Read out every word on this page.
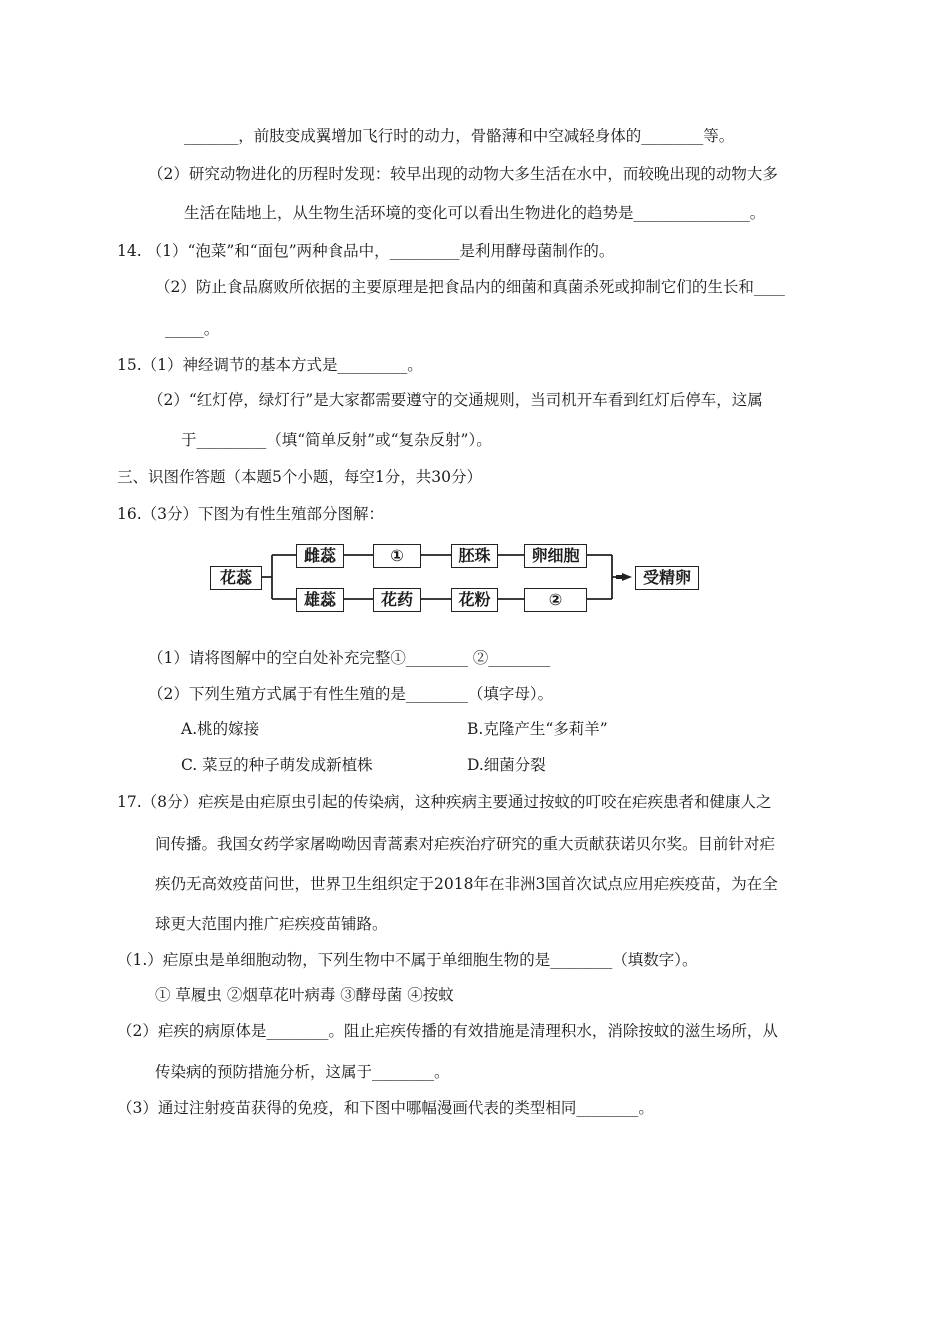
_______，前肢变成翼增加飞行时的动力，骨骼薄和中空减轻身体的________等。
（2）研究动物进化的历程时发现：较早出现的动物大多生活在水中，而较晚出现的动物大多
生活在陆地上，从生物生活环境的变化可以看出生物进化的趋势是_______________。
14. （1）“泡菜”和“面包”两种食品中，_________是利用酵母菌制作的。
（2）防止食品腐败所依据的主要原理是把食品内的细菌和真菌杀死或抑制它们的生长和____
_____。
15.（1）神经调节的基本方式是_________。
（2）“红灯停，绿灯行”是大家都需要遵守的交通规则，当司机开车看到红灯后停车，这属
于_________（填“简单反射”或“复杂反射”）。
三、识图作答题（本题5个小题，每空1分，共30分）
16.（3分）下图为有性生殖部分图解：
花蕊
雌蕊	①	胚珠	卵细胞
雄蕊	花药	花粉	②
受精卵
（1）请将图解中的空白处补充完整①________ ②________
（2）下列生殖方式属于有性生殖的是________（填字母）。
A.桃的嫁接	B.克隆产生“多莉羊”
C. 菜豆的种子萌发成新植株	D.细菌分裂
17.（8分）疟疾是由疟原虫引起的传染病，这种疾病主要通过按蚊的叮咬在疟疾患者和健康人之
间传播。我国女药学家屠呦呦因青蒿素对疟疾治疗研究的重大贡献获诺贝尔奖。目前针对疟
疾仍无高效疫苗问世，世界卫生组织定于2018年在非洲3国首次试点应用疟疾疫苗，为在全
球更大范围内推广疟疾疫苗铺路。
（1.）疟原虫是单细胞动物，下列生物中不属于单细胞生物的是________（填数字）。
① 草履虫 ②烟草花叶病毒 ③酵母菌 ④按蚊
（2）疟疾的病原体是________。阻止疟疾传播的有效措施是清理积水，消除按蚊的滋生场所，从
传染病的预防措施分析，这属于________。
（3）通过注射疫苗获得的免疫，和下图中哪幅漫画代表的类型相同________。
